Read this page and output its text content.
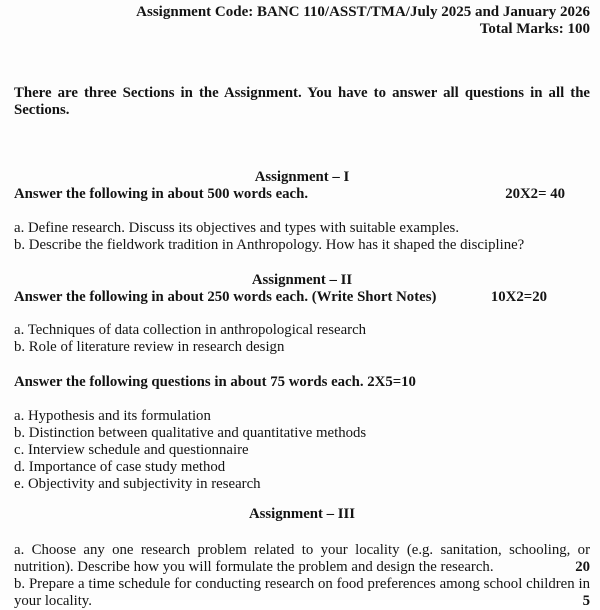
Assignment Code: BANC 110/ASST/TMA/July 2025 and January 2026
Total Marks: 100
There are three Sections in the Assignment. You have to answer all questions in all the
Sections.
Assignment – I
Answer the following in about 500 words each.	20X2= 40
a. Define research. Discuss its objectives and types with suitable examples.
b. Describe the fieldwork tradition in Anthropology. How has it shaped the discipline?
Assignment – II
Answer the following in about 250 words each. (Write Short Notes)	10X2=20
a. Techniques of data collection in anthropological research
b. Role of literature review in research design
Answer the following questions in about 75 words each. 2X5=10
a. Hypothesis and its formulation
b. Distinction between qualitative and quantitative methods
c. Interview schedule and questionnaire
d. Importance of case study method
e. Objectivity and subjectivity in research
Assignment – III
a. Choose any one research problem related to your locality (e.g. sanitation, schooling, or
nutrition). Describe how you will formulate the problem and design the research.	20
b. Prepare a time schedule for conducting research on food preferences among school children in
your locality.	5
